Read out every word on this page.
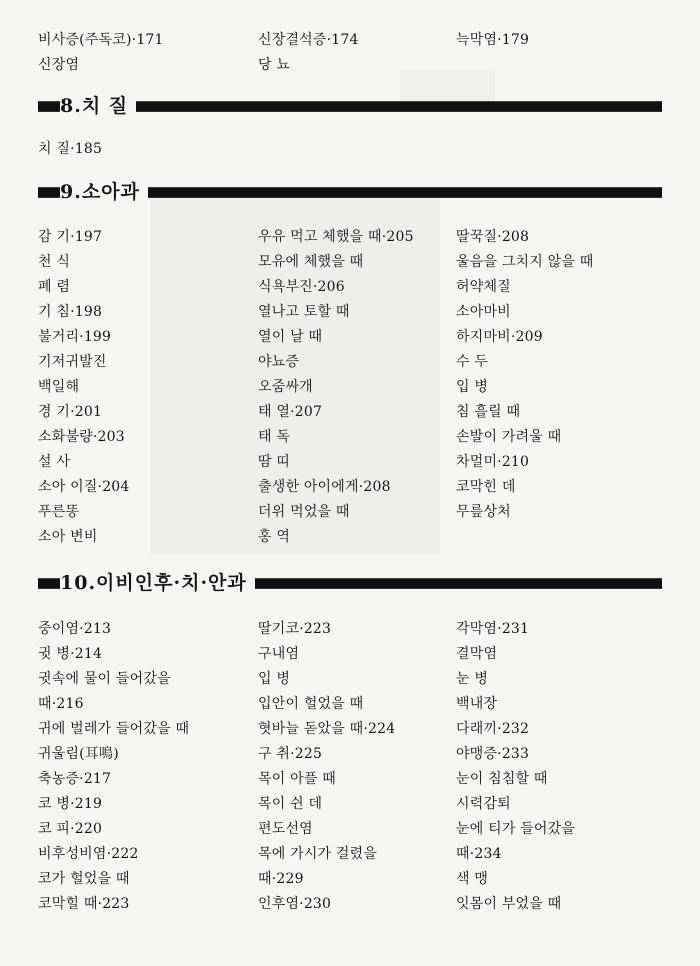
비사증(주독코)·171
신장염
신장결석증·174
당 뇨
늑막염·179
8.치 질
치 질·185
9.소아과
감 기·197
천 식
폐 렴
기 침·198
불거리·199
기저귀발진
백일해
경 기·201
소화불량·203
설 사
소아 이질·204
푸른똥
소아 변비
우유 먹고 체했을 때·205
모유에 체했을 때
식욕부진·206
열나고 토할 때
열이 날 때
야뇨증
오줌싸개
태 열·207
태 독
땀 띠
출생한 아이에게·208
더위 먹었을 때
홍 역
딸꾹질·208
울음을 그치지 않을 때
허약체질
소아마비
하지마비·209
수 두
입 병
침 흘릴 때
손발이 가려울 때
차멀미·210
코막힌 데
무릎상처
10.이비인후·치·안과
중이염·213
귓 병·214
귓속에 물이 들어갔을
때·216
귀에 벌레가 들어갔을 때
귀울림(耳鳴)
축농증·217
코 병·219
코 피·220
비후성비염·222
코가 헐었을 때
코막힐 때·223
딸기코·223
구내염
입 병
입안이 헐었을 때
혓바늘 돋았을 때·224
구 취·225
목이 아플 때
목이 쉰 데
편도선염
목에 가시가 걸렸을
때·229
인후염·230
각막염·231
결막염
눈 병
백내장
다래끼·232
야맹증·233
눈이 침침할 때
시력감퇴
눈에 티가 들어갔을
때·234
색 맹
잇몸이 부었을 때
